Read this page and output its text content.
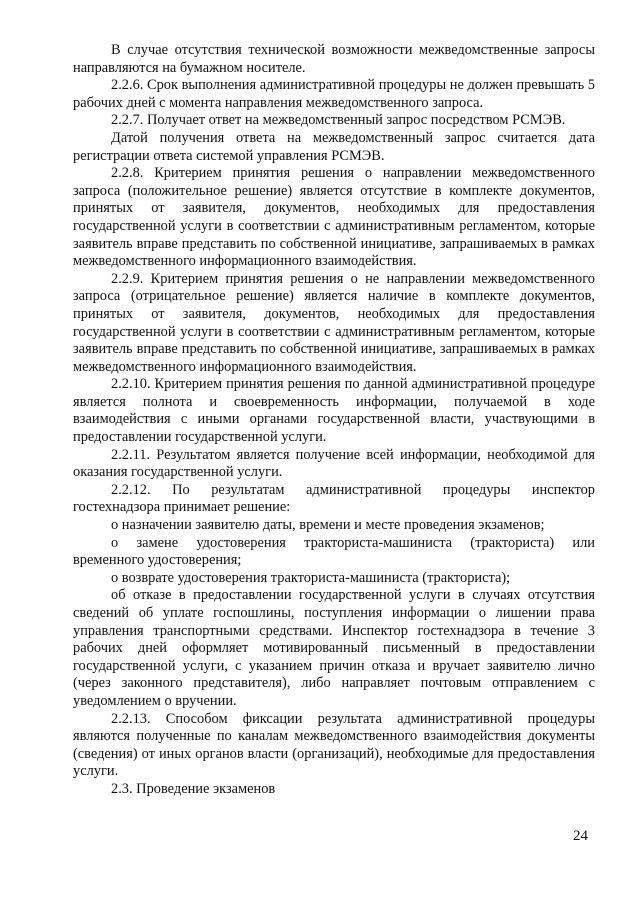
В случае отсутствия технической возможности межведомственные запросы направляются на бумажном носителе.

2.2.6. Срок выполнения административной процедуры не должен превышать 5 рабочих дней с момента направления межведомственного запроса.

2.2.7. Получает ответ на межведомственный запрос посредством РСМЭВ.

Датой получения ответа на межведомственный запрос считается дата регистрации ответа системой управления РСМЭВ.

2.2.8. Критерием принятия решения о направлении межведомственного запроса (положительное решение) является отсутствие в комплекте документов, принятых от заявителя, документов, необходимых для предоставления государственной услуги в соответствии с административным регламентом, которые заявитель вправе представить по собственной инициативе, запрашиваемых в рамках межведомственного информационного взаимодействия.

2.2.9. Критерием принятия решения о не направлении межведомственного запроса (отрицательное решение) является наличие в комплекте документов, принятых от заявителя, документов, необходимых для предоставления государственной услуги в соответствии с административным регламентом, которые заявитель вправе представить по собственной инициативе, запрашиваемых в рамках межведомственного информационного взаимодействия.

2.2.10. Критерием принятия решения по данной административной процедуре является полнота и своевременность информации, получаемой в ходе взаимодействия с иными органами государственной власти, участвующими в предоставлении государственной услуги.

2.2.11. Результатом является получение всей информации, необходимой для оказания государственной услуги.

2.2.12. По результатам административной процедуры инспектор гостехнадзора принимает решение:

о назначении заявителю даты, времени и месте проведения экзаменов;

о замене удостоверения тракториста-машиниста (тракториста) или временного удостоверения;

о возврате удостоверения тракториста-машиниста (тракториста);

об отказе в предоставлении государственной услуги в случаях отсутствия сведений об уплате госпошлины, поступления информации о лишении права управления транспортными средствами. Инспектор гостехнадзора в течение 3 рабочих дней оформляет мотивированный письменный в предоставлении государственной услуги, с указанием причин отказа и вручает заявителю лично (через законного представителя), либо направляет почтовым отправлением с уведомлением о вручении.

2.2.13. Способом фиксации результата административной процедуры являются полученные по каналам межведомственного взаимодействия документы (сведения) от иных органов власти (организаций), необходимые для предоставления услуги.

2.3. Проведение экзаменов

24
